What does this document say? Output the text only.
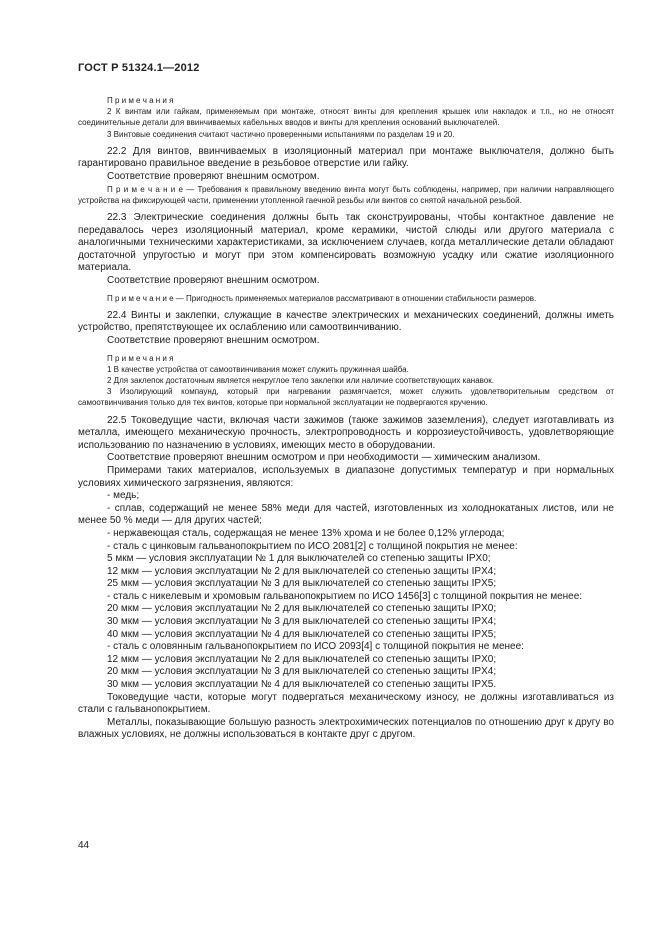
ГОСТ Р 51324.1—2012

П р и м е ч а н и я

2 К винтам или гайкам, применяемым при монтаже, относят винты для крепления крышек или накладок и т.п., но не относят соединительные детали для ввинчиваемых кабельных вводов и винты для крепления оснований выключателей.

3 Винтовые соединения считают частично проверенными испытаниями по разделам 19 и 20.

22.2 Для винтов, ввинчиваемых в изоляционный материал при монтаже выключателя, должно быть гарантировано правильное введение в резьбовое отверстие или гайку.

Соответствие проверяют внешним осмотром.

П р и м е ч а н и е — Требования к правильному введению винта могут быть соблюдены, например, при наличии направляющего устройства на фиксирующей части, применении утопленной гаечной резьбы или винтов со снятой начальной резьбой.

22.3 Электрические соединения должны быть так сконструированы, чтобы контактное давление не передавалось через изоляционный материал, кроме керамики, чистой слюды или другого материала с аналогичными техническими характеристиками, за исключением случаев, когда металлические детали обладают достаточной упругостью и могут при этом компенсировать возможную усадку или сжатие изоляционного материала.

Соответствие проверяют внешним осмотром.

П р и м е ч а н и е — Пригодность применяемых материалов рассматривают в отношении стабильности размеров.

22.4 Винты и заклепки, служащие в качестве электрических и механических соединений, должны иметь устройство, препятствующее их ослаблению или самоотвинчиванию.

Соответствие проверяют внешним осмотром.

П р и м е ч а н и я

1 В качестве устройства от самоотвинчивания может служить пружинная шайба.

2 Для заклепок достаточным является некруглое тело заклепки или наличие соответствующих канавок.

3 Изолирующий компаунд, который при нагревании размягчается, может служить удовлетворительным средством от самоотвинчивания только для тех винтов, которые при нормальной эксплуатации не подвергаются кручению.

22.5 Токоведущие части, включая части зажимов (также зажимов заземления), следует изготавливать из металла, имеющего механическую прочность, электропроводность и коррозиеустойчивость, удовлетворяющие использованию по назначению в условиях, имеющих место в оборудовании.

Соответствие проверяют внешним осмотром и при необходимости — химическим анализом.

Примерами таких материалов, используемых в диапазоне допустимых температур и при нормальных условиях химического загрязнения, являются:

- медь;

- сплав, содержащий не менее 58% меди для частей, изготовленных из холоднокатаных листов, или не менее 50 % меди — для других частей;

- нержавеющая сталь, содержащая не менее 13% хрома и не более 0,12% углерода;

- сталь с цинковым гальванопокрытием по ИСО 2081[2] с толщиной покрытия не менее:

5 мкм — условия эксплуатации № 1 для выключателей со степенью защиты IPX0;

12 мкм — условия эксплуатации № 2 для выключателей со степенью защиты IPX4;

25 мкм — условия эксплуатации № 3 для выключателей со степенью защиты IPX5;

- сталь с никелевым и хромовым гальванопокрытием по ИСО 1456[3] с толщиной покрытия не менее:

20 мкм — условия эксплуатации № 2 для выключателей со степенью защиты IPX0;

30 мкм — условия эксплуатации № 3 для выключателей со степенью защиты IPX4;

40 мкм — условия эксплуатации № 4 для выключателей со степенью защиты IPX5;

- сталь с оловянным гальванопокрытием по ИСО 2093[4] с толщиной покрытия не менее:

12 мкм — условия эксплуатации № 2 для выключателей со степенью защиты IPX0;

20 мкм — условия эксплуатации № 3 для выключателей со степенью защиты IPX4;

30 мкм — условия эксплуатации № 4 для выключателей со степенью защиты IPX5.

Токоведущие части, которые могут подвергаться механическому износу, не должны изготавливаться из стали с гальванопокрытием.

Металлы, показывающие большую разность электрохимических потенциалов по отношению друг к другу во влажных условиях, не должны использоваться в контакте друг с другом.

44
